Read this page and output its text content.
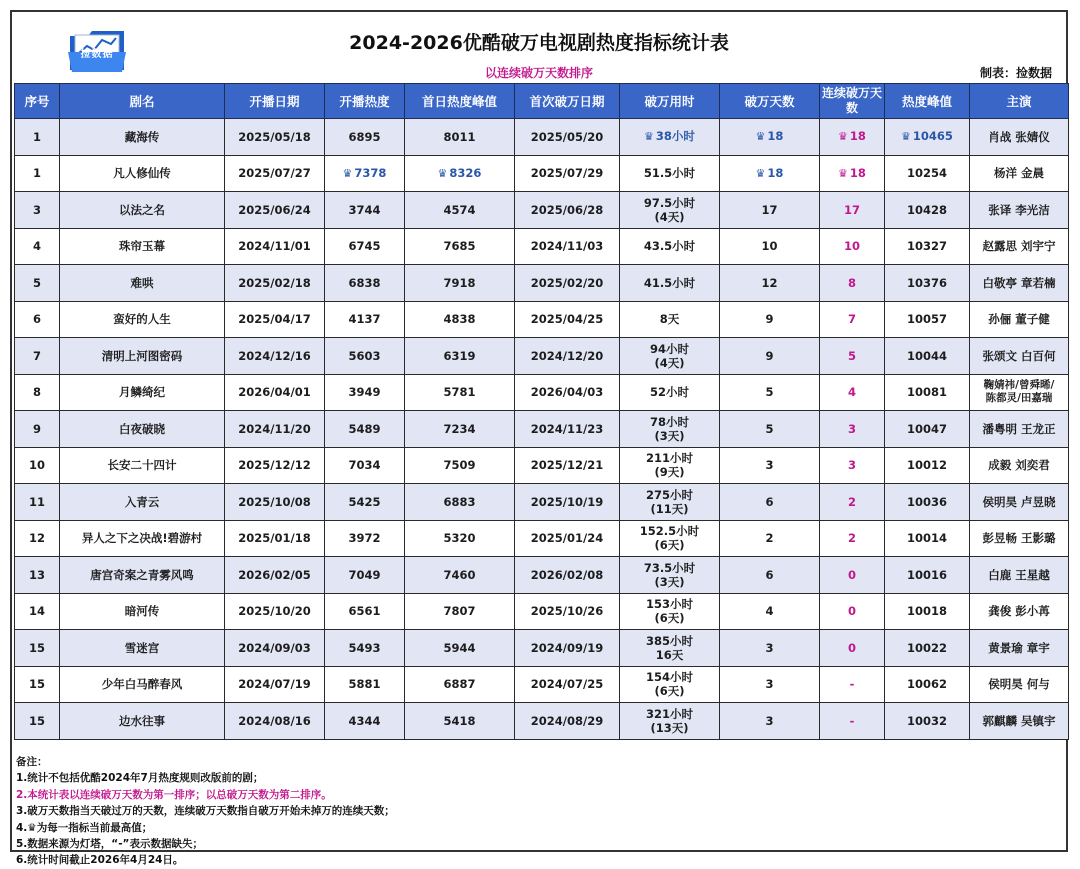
捡数据
2024-2026优酷破万电视剧热度指标统计表
以连续破万天数排序	制表：捡数据
序号	剧名	开播日期	开播热度	首日热度峰值	首次破万日期	破万用时	破万天数	连续破万天数	热度峰值	主演
1	藏海传	2025/05/18	6895	8011	2025/05/20	♛ 38小时	♛ 18	♛ 18	♛ 10465	肖战 张婧仪
1	凡人修仙传	2025/07/27	♛ 7378	♛ 8326	2025/07/29	51.5小时	♛ 18	♛ 18	10254	杨洋 金晨
3	以法之名	2025/06/24	3744	4574	2025/06/28	97.5小时
(4天)	17	17	10428	张译 李光洁
4	珠帘玉幕	2024/11/01	6745	7685	2024/11/03	43.5小时	10	10	10327	赵露思 刘宇宁
5	难哄	2025/02/18	6838	7918	2025/02/20	41.5小时	12	8	10376	白敬亭 章若楠
6	蛮好的人生	2025/04/17	4137	4838	2025/04/25	8天	9	7	10057	孙俪 董子健
7	清明上河图密码	2024/12/16	5603	6319	2024/12/20	94小时
(4天)	9	5	10044	张颂文 白百何
8	月鳞绮纪	2026/04/01	3949	5781	2026/04/03	52小时	5	4	10081	鞠婧祎/曾舜晞/
陈都灵/田嘉瑞

9	白夜破晓	2024/11/20	5489	7234	2024/11/23	78小时
(3天)	5	3	10047	潘粤明 王龙正
10	长安二十四计	2025/12/12	7034	7509	2025/12/21	211小时
(9天)	3	3	10012	成毅 刘奕君
11	入青云	2025/10/08	5425	6883	2025/10/19	275小时
(11天)	6	2	10036	侯明昊 卢昱晓
12	异人之下之决战!碧游村	2025/01/18	3972	5320	2025/01/24	152.5小时
(6天)	2	2	10014	彭昱畅 王影璐
13	唐宫奇案之青雾风鸣	2026/02/05	7049	7460	2026/02/08	73.5小时
(3天)	6	0	10016	白鹿 王星越
14	暗河传	2025/10/20	6561	7807	2025/10/26	153小时
(6天)	4	0	10018	龚俊 彭小苒
15	雪迷宫	2024/09/03	5493	5944	2024/09/19	385小时
16天	3	0	10022	黄景瑜 章宇
15	少年白马醉春风	2024/07/19	5881	6887	2024/07/25	154小时
(6天)	3	-	10062	侯明昊 何与
15	边水往事	2024/08/16	4344	5418	2024/08/29	321小时
(13天)	3	-	10032	郭麒麟 吴镇宇
备注：
1.统计不包括优酷2024年7月热度规则改版前的剧；
2.本统计表以连续破万天数为第一排序；以总破万天数为第二排序。
3.破万天数指当天破过万的天数，连续破万天数指自破万开始未掉万的连续天数；
4.♛为每一指标当前最高值；
5.数据来源为灯塔，“-”表示数据缺失；
6.统计时间截止2026年4月24日。
